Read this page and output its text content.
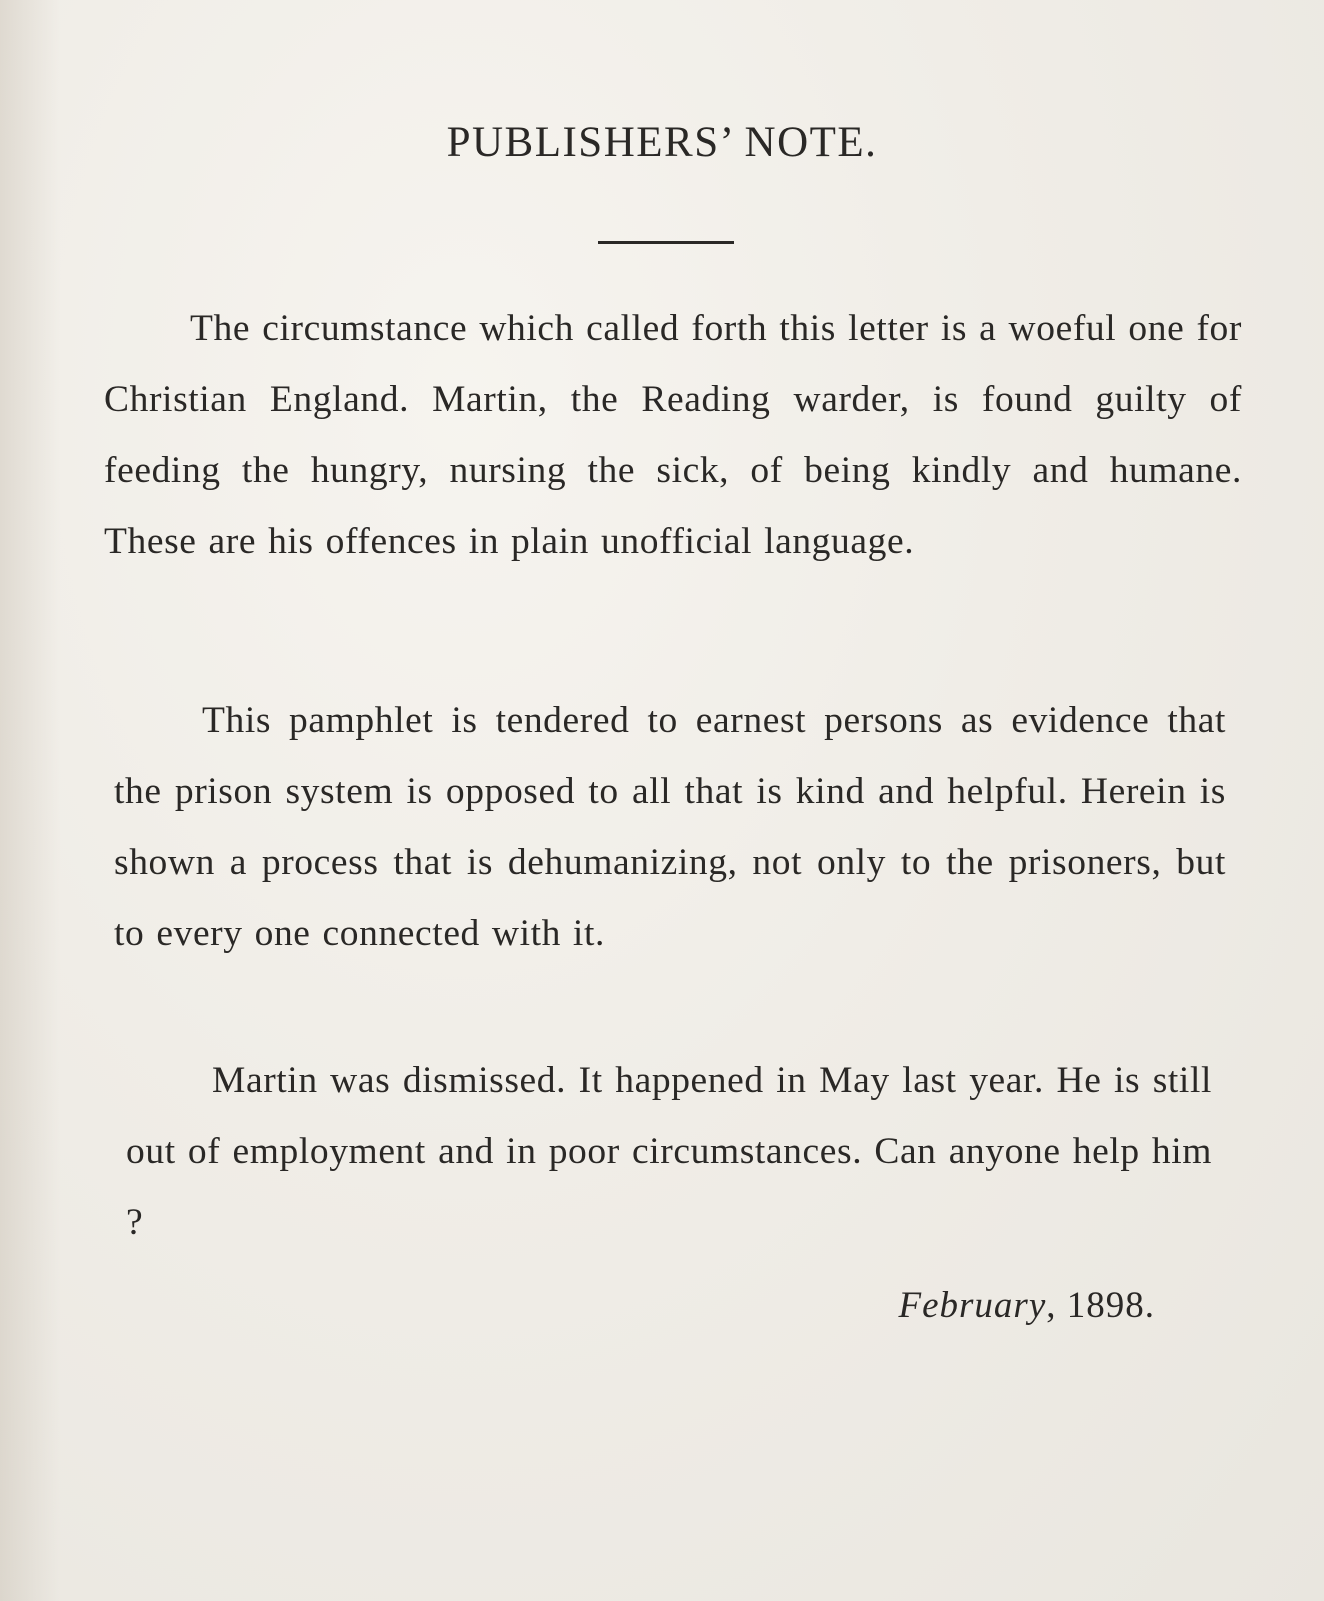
PUBLISHERS’ NOTE.

The circumstance which called forth this letter is a woeful one for Christian England. Martin, the Reading warder, is found guilty of feeding the hungry, nursing the sick, of being kindly and humane. These are his offences in plain unofficial language.

This pamphlet is tendered to earnest persons as evidence that the prison system is opposed to all that is kind and helpful. Herein is shown a process that is dehumanizing, not only to the prisoners, but to every one connected with it.

Martin was dismissed. It happened in May last year. He is still out of employment and in poor circumstances. Can anyone help him ?

February, 1898.
